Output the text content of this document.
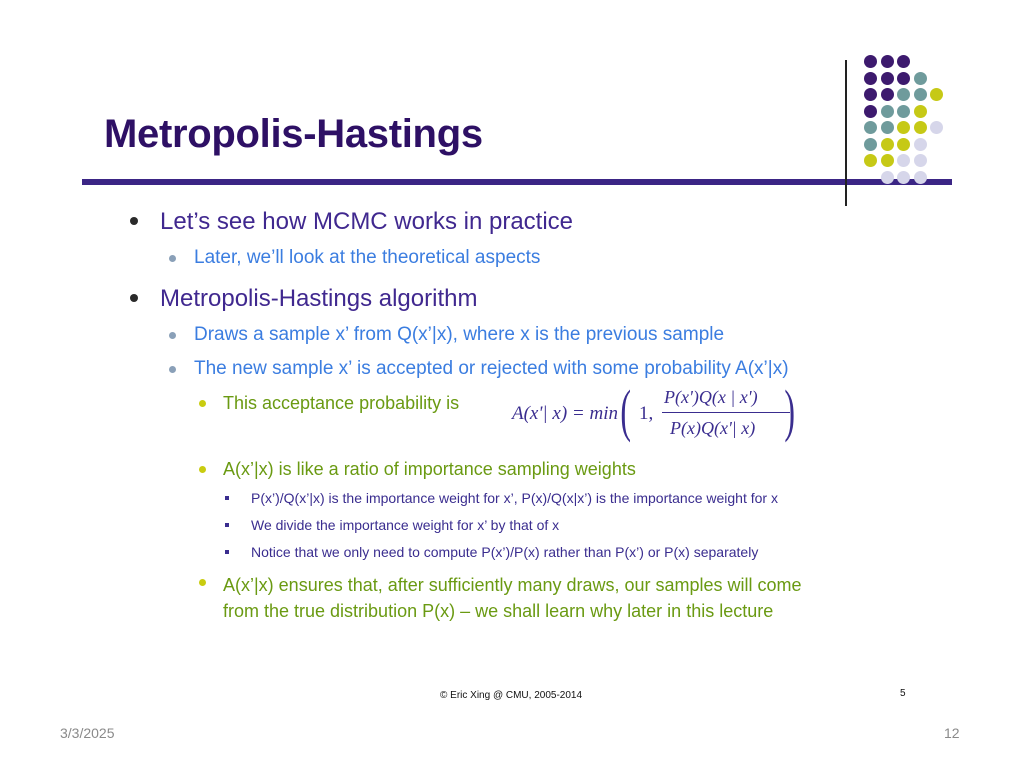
Metropolis-Hastings
Let’s see how MCMC works in practice
Later, we’ll look at the theoretical aspects
Metropolis-Hastings algorithm
Draws a sample x’ from Q(x’|x), where x is the previous sample
The new sample x’ is accepted or rejected with some probability A(x’|x)
This acceptance probability is	A(x'| x) = min ( 1,
P(x')Q(x | x')
P(x)Q(x'| x) )
A(x’|x) is like a ratio of importance sampling weights
P(x’)/Q(x’|x) is the importance weight for x’, P(x)/Q(x|x’) is the importance weight for x
We divide the importance weight for x’ by that of x
Notice that we only need to compute P(x’)/P(x) rather than P(x’) or P(x) separately
A(x’|x) ensures that, after sufficiently many draws, our samples will come
from the true distribution P(x) – we shall learn why later in this lecture
© Eric Xing @ CMU, 2005-2014	5
3/3/2025	12
